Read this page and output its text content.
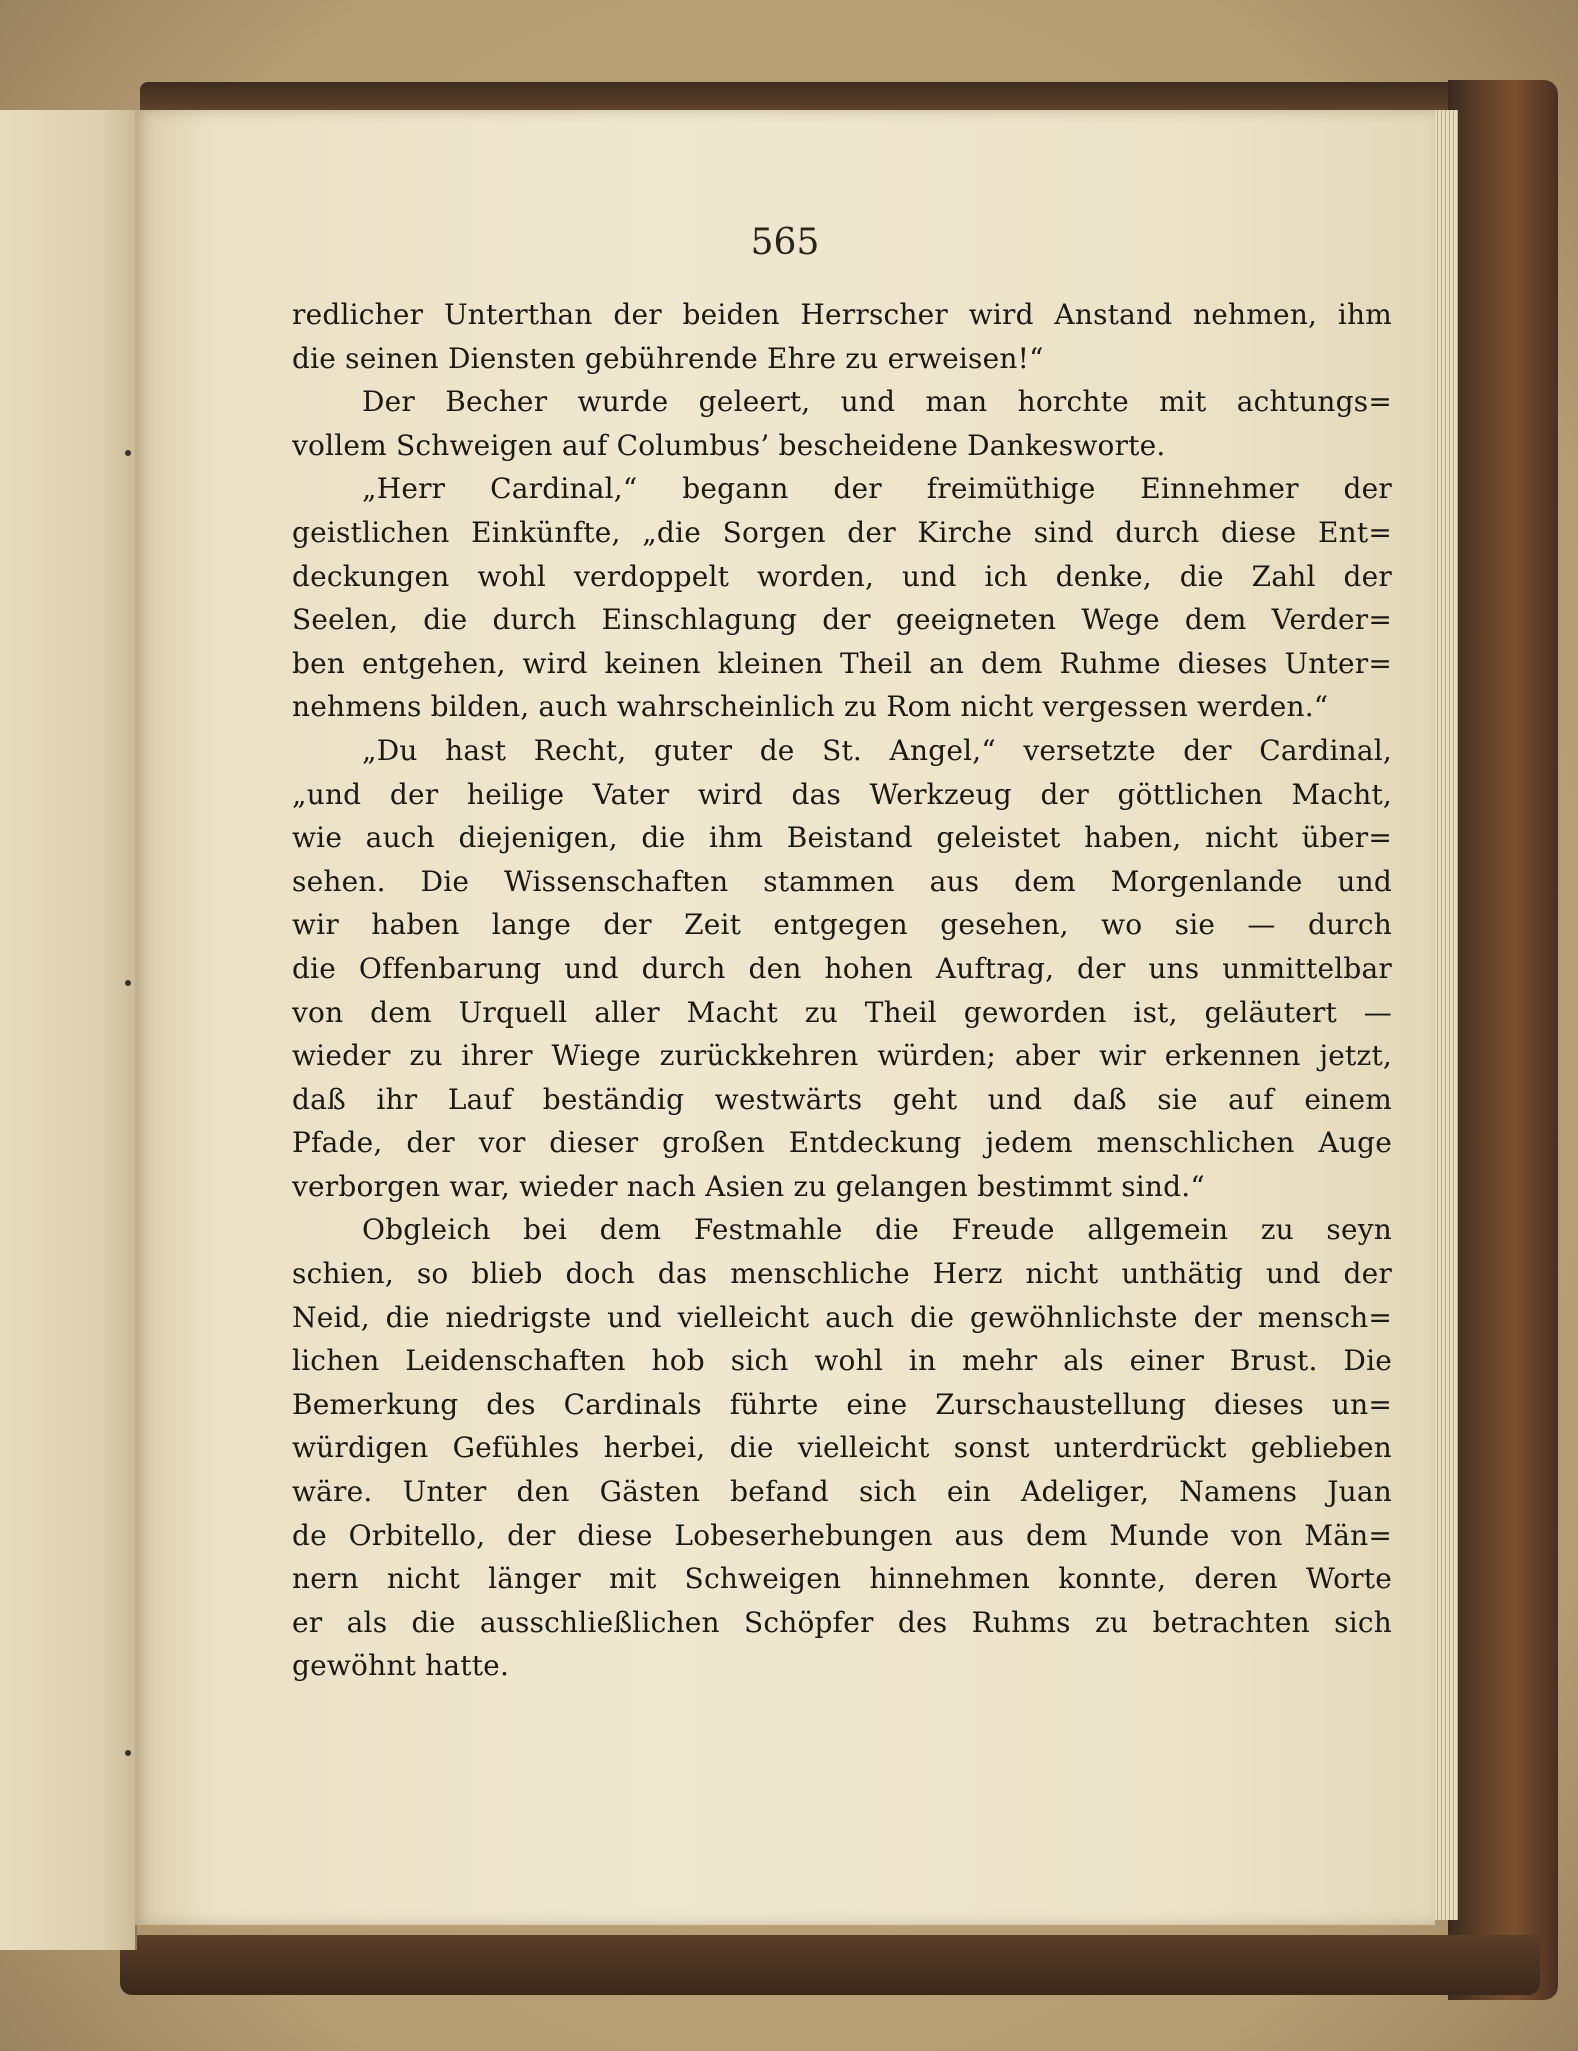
565
redlicher Unterthan der beiden Herrscher wird Anstand nehmen, ihm
die seinen Diensten gebührende Ehre zu erweisen!“
Der Becher wurde geleert, und man horchte mit achtungs=
vollem Schweigen auf Columbus’ bescheidene Dankesworte.
„Herr Cardinal,“ begann der freimüthige Einnehmer der
geistlichen Einkünfte, „die Sorgen der Kirche sind durch diese Ent=
deckungen wohl verdoppelt worden, und ich denke, die Zahl der
Seelen, die durch Einschlagung der geeigneten Wege dem Verder=
ben entgehen, wird keinen kleinen Theil an dem Ruhme dieses Unter=
nehmens bilden, auch wahrscheinlich zu Rom nicht vergessen werden.“
„Du hast Recht, guter de St. Angel,“ versetzte der Cardinal,
„und der heilige Vater wird das Werkzeug der göttlichen Macht,
wie auch diejenigen, die ihm Beistand geleistet haben, nicht über=
sehen. Die Wissenschaften stammen aus dem Morgenlande und
wir haben lange der Zeit entgegen gesehen, wo sie — durch
die Offenbarung und durch den hohen Auftrag, der uns unmittelbar
von dem Urquell aller Macht zu Theil geworden ist, geläutert —
wieder zu ihrer Wiege zurückkehren würden; aber wir erkennen jetzt,
daß ihr Lauf beständig westwärts geht und daß sie auf einem
Pfade, der vor dieser großen Entdeckung jedem menschlichen Auge
verborgen war, wieder nach Asien zu gelangen bestimmt sind.“
Obgleich bei dem Festmahle die Freude allgemein zu seyn
schien, so blieb doch das menschliche Herz nicht unthätig und der
Neid, die niedrigste und vielleicht auch die gewöhnlichste der mensch=
lichen Leidenschaften hob sich wohl in mehr als einer Brust. Die
Bemerkung des Cardinals führte eine Zurschaustellung dieses un=
würdigen Gefühles herbei, die vielleicht sonst unterdrückt geblieben
wäre. Unter den Gästen befand sich ein Adeliger, Namens Juan
de Orbitello, der diese Lobeserhebungen aus dem Munde von Män=
nern nicht länger mit Schweigen hinnehmen konnte, deren Worte
er als die ausschließlichen Schöpfer des Ruhms zu betrachten sich
gewöhnt hatte.
